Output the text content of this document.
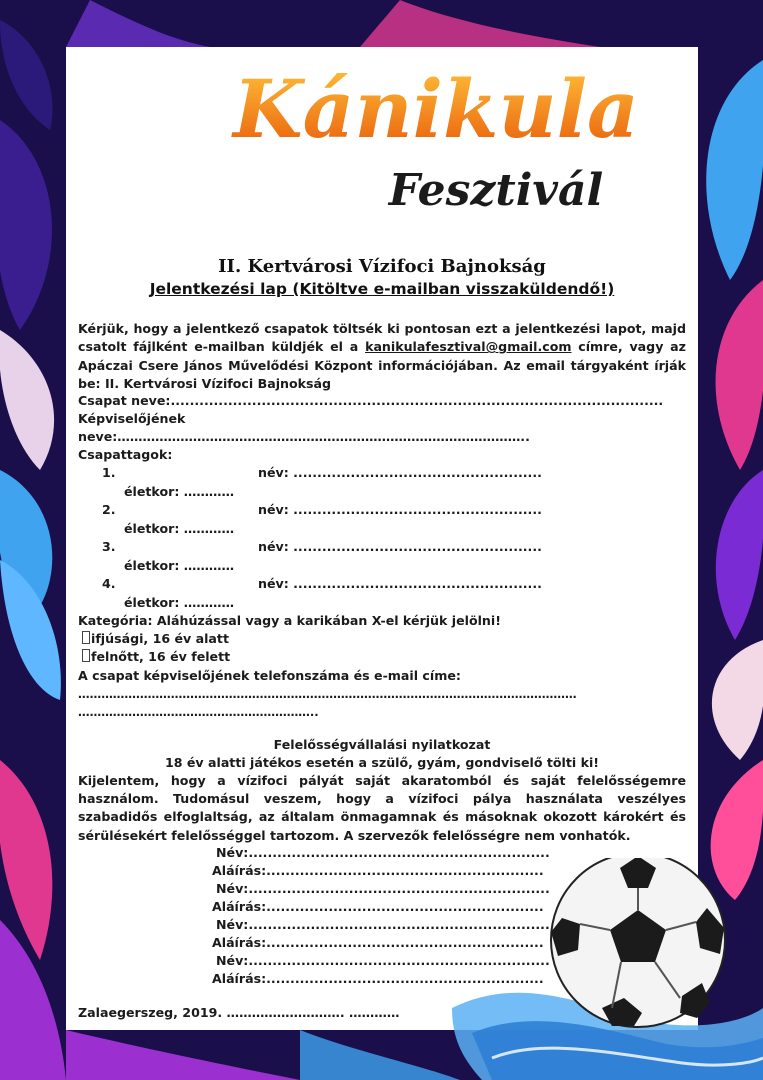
Kánikula
Fesztivál
II. Kertvárosi Vízifoci Bajnokság
Jelentkezési lap (Kitöltve e-mailban visszaküldendő!)
Kérjük, hogy a jelentkező csapatok töltsék ki pontosan ezt a jelentkezési lapot, majd csatolt fájlként e-mailban küldjék el a kanikulafesztival@gmail.com címre, vagy az Apáczai Csere János Művelődési Központ információjában. Az email tárgyaként írják be: II. Kertvárosi Vízifoci Bajnokság
Csapat neve:.......................................................................................................
Képviselőjének
neve:……………………………………………………………………………………..
Csapattagok:
1.	név: ....................................................
életkor: …………
2.	név: ....................................................
életkor: …………
3.	név: ....................................................
életkor: …………
4.	név: ....................................................
életkor: …………
Kategória: Aláhúzással vagy a karikában X-el kérjük jelölni!
ifjúsági, 16 év alatt
felnőtt, 16 év felett
A csapat képviselőjének telefonszáma és e-mail címe:
…………………………………………………………………………………………………………………
……………………………………………………..
Felelősségvállalási nyilatkozat
18 év alatti játékos esetén a szülő, gyám, gondviselő tölti ki!
Kijelentem, hogy a vízifoci pályát saját akaratomból és saját felelősségemre használom. Tudomásul veszem, hogy a vízifoci pálya használata veszélyes szabadidős elfoglaltság, az általam önmagamnak és másoknak okozott károkért és sérülésekért felelősséggel tartozom. A szervezők felelősségre nem vonhatók.
Név:...............................................................
Aláírás:..........................................................
Név:...............................................................
Aláírás:..........................................................
Név:...............................................................
Aláírás:..........................................................
Név:...............................................................
Aláírás:..........................................................
Zalaegerszeg, 2019. ………………………. …………
